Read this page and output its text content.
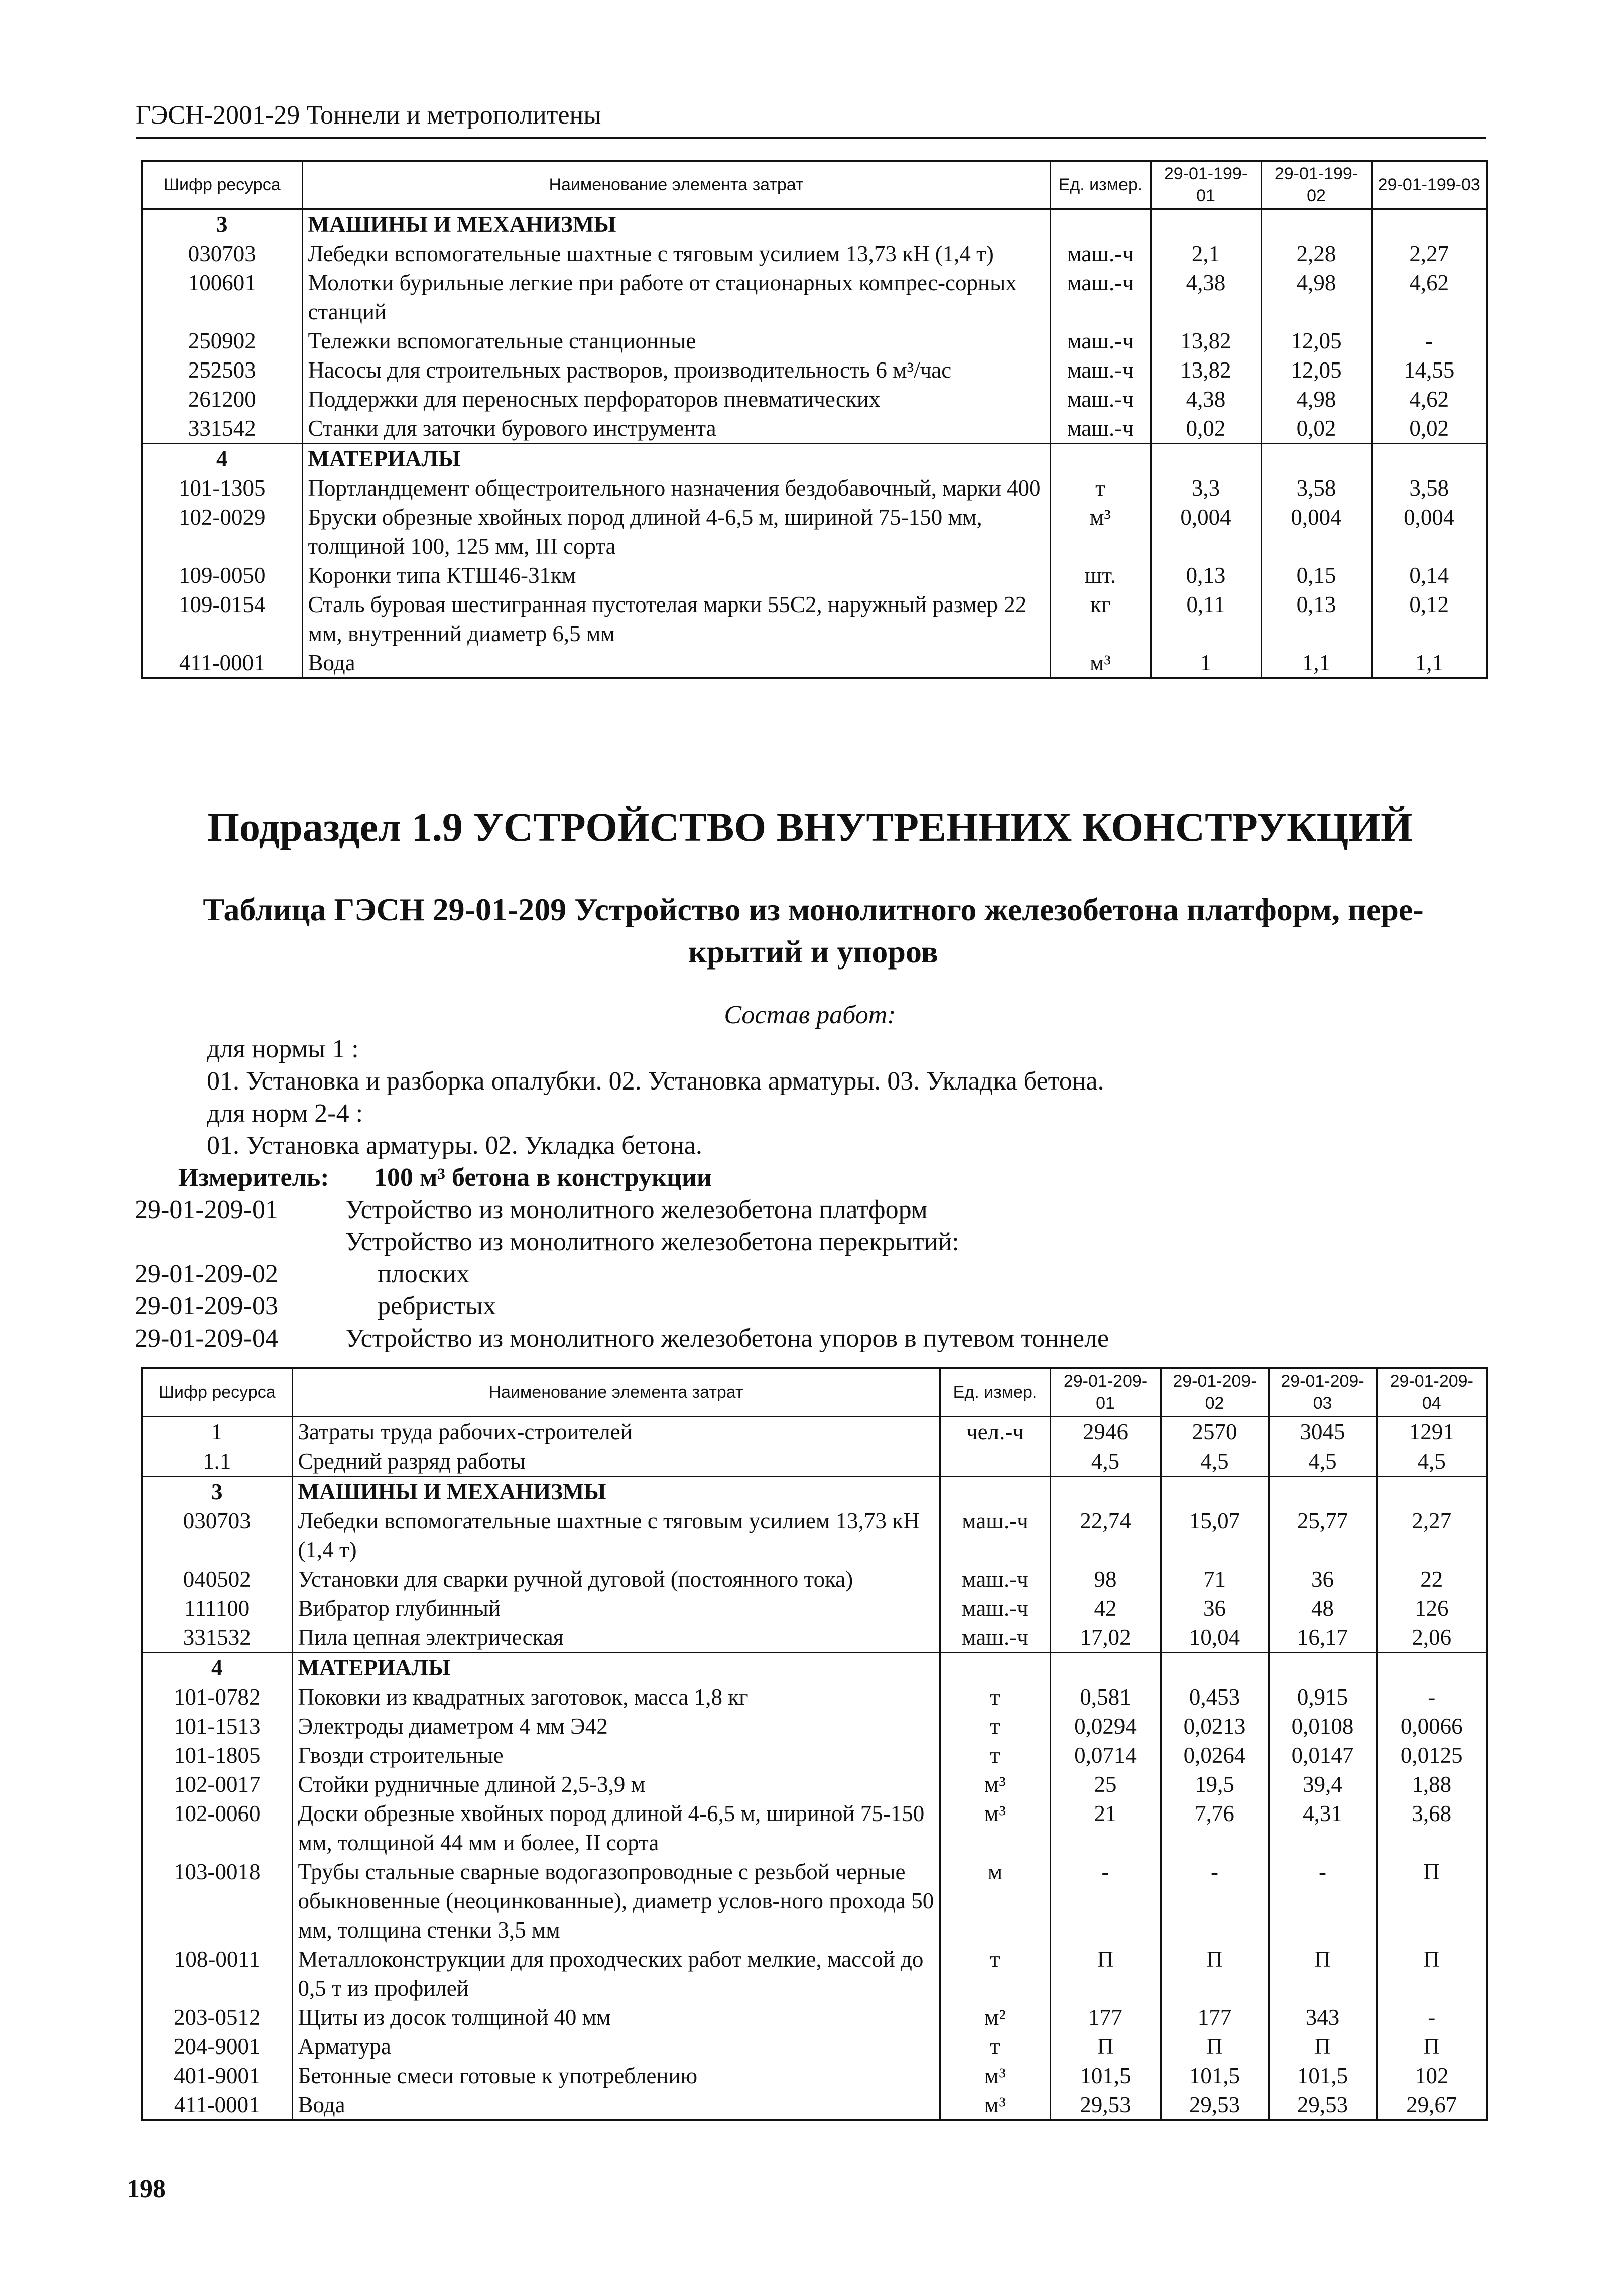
ГЭСН-2001-29 Тоннели и метрополитены
Шифр ресурса	Наименование элемента затрат	Ед. измер.	29-01-199-01	29-01-199-02	29-01-199-03
3	МАШИНЫ И МЕХАНИЗМЫ				
030703	Лебедки вспомогательные шахтные с тяговым усилием 13,73 кН (1,4 т)	маш.-ч	2,1	2,28	2,27
100601	Молотки бурильные легкие при работе от стационарных компрес-сорных станций	маш.-ч	4,38	4,98	4,62
250902	Тележки вспомогательные станционные	маш.-ч	13,82	12,05	-
252503	Насосы для строительных растворов, производительность 6 м³/час	маш.-ч	13,82	12,05	14,55
261200	Поддержки для переносных перфораторов пневматических	маш.-ч	4,38	4,98	4,62
331542	Станки для заточки бурового инструмента	маш.-ч	0,02	0,02	0,02
4	МАТЕРИАЛЫ				
101-1305	Портландцемент общестроительного назначения бездобавочный, марки 400	т	3,3	3,58	3,58
102-0029	Бруски обрезные хвойных пород длиной 4-6,5 м, шириной 75-150 мм, толщиной 100, 125 мм, III сорта	м³	0,004	0,004	0,004
109-0050	Коронки типа КТШ46-31км	шт.	0,13	0,15	0,14
109-0154	Сталь буровая шестигранная пустотелая марки 55С2, наружный размер 22 мм, внутренний диаметр 6,5 мм	кг	0,11	0,13	0,12
411-0001	Вода	м³	1	1,1	1,1
Подраздел 1.9 УСТРОЙСТВО ВНУТРЕННИХ КОНСТРУКЦИЙ
Таблица ГЭСН 29-01-209 Устройство из монолитного железобетона платформ, пере-крытий и упоров
Состав работ:
для нормы 1 :
01. Установка и разборка опалубки. 02. Установка арматуры. 03. Укладка бетона.
для норм 2-4 :
01. Установка арматуры. 02. Укладка бетона.
Измеритель: 100 м³ бетона в конструкции
29-01-209-01	Устройство из монолитного железобетона платформ
Устройство из монолитного железобетона перекрытий:
29-01-209-02	плоских
29-01-209-03	ребристых
29-01-209-04	Устройство из монолитного железобетона упоров в путевом тоннеле
Шифр ресурса	Наименование элемента затрат	Ед. измер.	29-01-209-01	29-01-209-02	29-01-209-03	29-01-209-04
1	Затраты труда рабочих-строителей	чел.-ч	2946	2570	3045	1291
1.1	Средний разряд работы		4,5	4,5	4,5	4,5
3	МАШИНЫ И МЕХАНИЗМЫ					
030703	Лебедки вспомогательные шахтные с тяговым усилием 13,73 кН (1,4 т)	маш.-ч	22,74	15,07	25,77	2,27
040502	Установки для сварки ручной дуговой (постоянного тока)	маш.-ч	98	71	36	22
111100	Вибратор глубинный	маш.-ч	42	36	48	126
331532	Пила цепная электрическая	маш.-ч	17,02	10,04	16,17	2,06
4	МАТЕРИАЛЫ					
101-0782	Поковки из квадратных заготовок, масса 1,8 кг	т	0,581	0,453	0,915	-
101-1513	Электроды диаметром 4 мм Э42	т	0,0294	0,0213	0,0108	0,0066
101-1805	Гвозди строительные	т	0,0714	0,0264	0,0147	0,0125
102-0017	Стойки рудничные длиной 2,5-3,9 м	м³	25	19,5	39,4	1,88
102-0060	Доски обрезные хвойных пород длиной 4-6,5 м, шириной 75-150 мм, толщиной 44 мм и более, II сорта	м³	21	7,76	4,31	3,68
103-0018	Трубы стальные сварные водогазопроводные с резьбой черные обыкновенные (неоцинкованные), диаметр услов-ного прохода 50 мм, толщина стенки 3,5 мм	м	-	-	-	П
108-0011	Металлоконструкции для проходческих работ мелкие, массой до 0,5 т из профилей	т	П	П	П	П
203-0512	Щиты из досок толщиной 40 мм	м²	177	177	343	-
204-9001	Арматура	т	П	П	П	П
401-9001	Бетонные смеси готовые к употреблению	м³	101,5	101,5	101,5	102
411-0001	Вода	м³	29,53	29,53	29,53	29,67
198
